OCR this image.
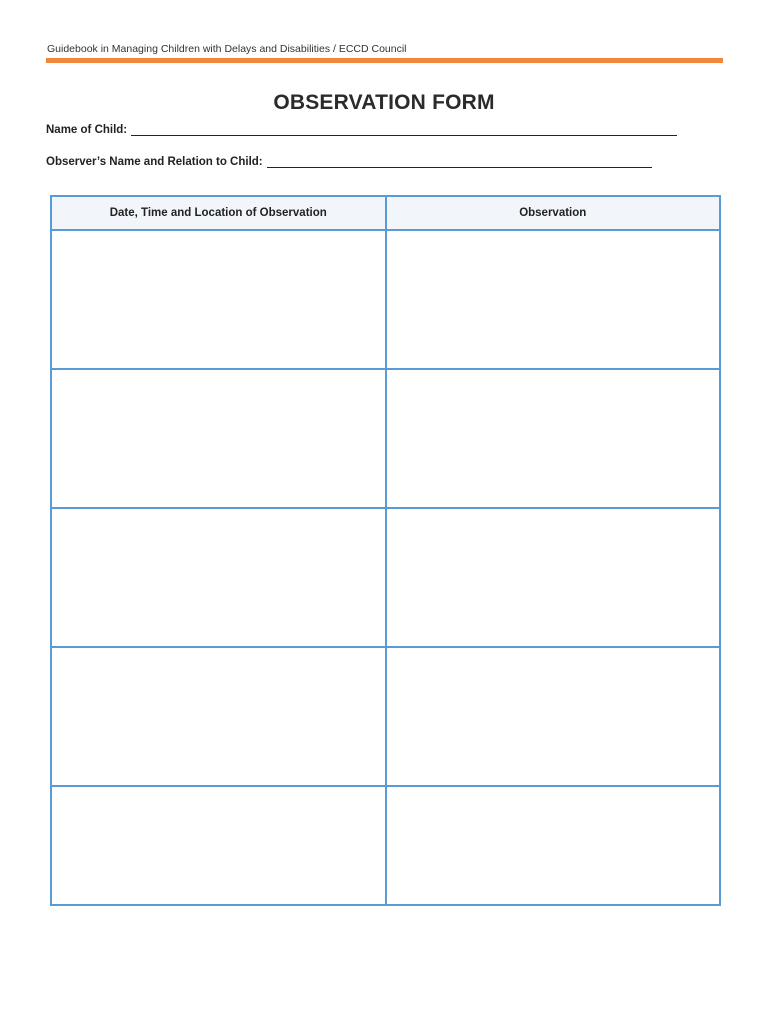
Guidebook in Managing Children with Delays and Disabilities / ECCD Council
OBSERVATION FORM
Name of Child:
Observer’s Name and Relation to Child:
Date, Time and Location of Observation	Observation
